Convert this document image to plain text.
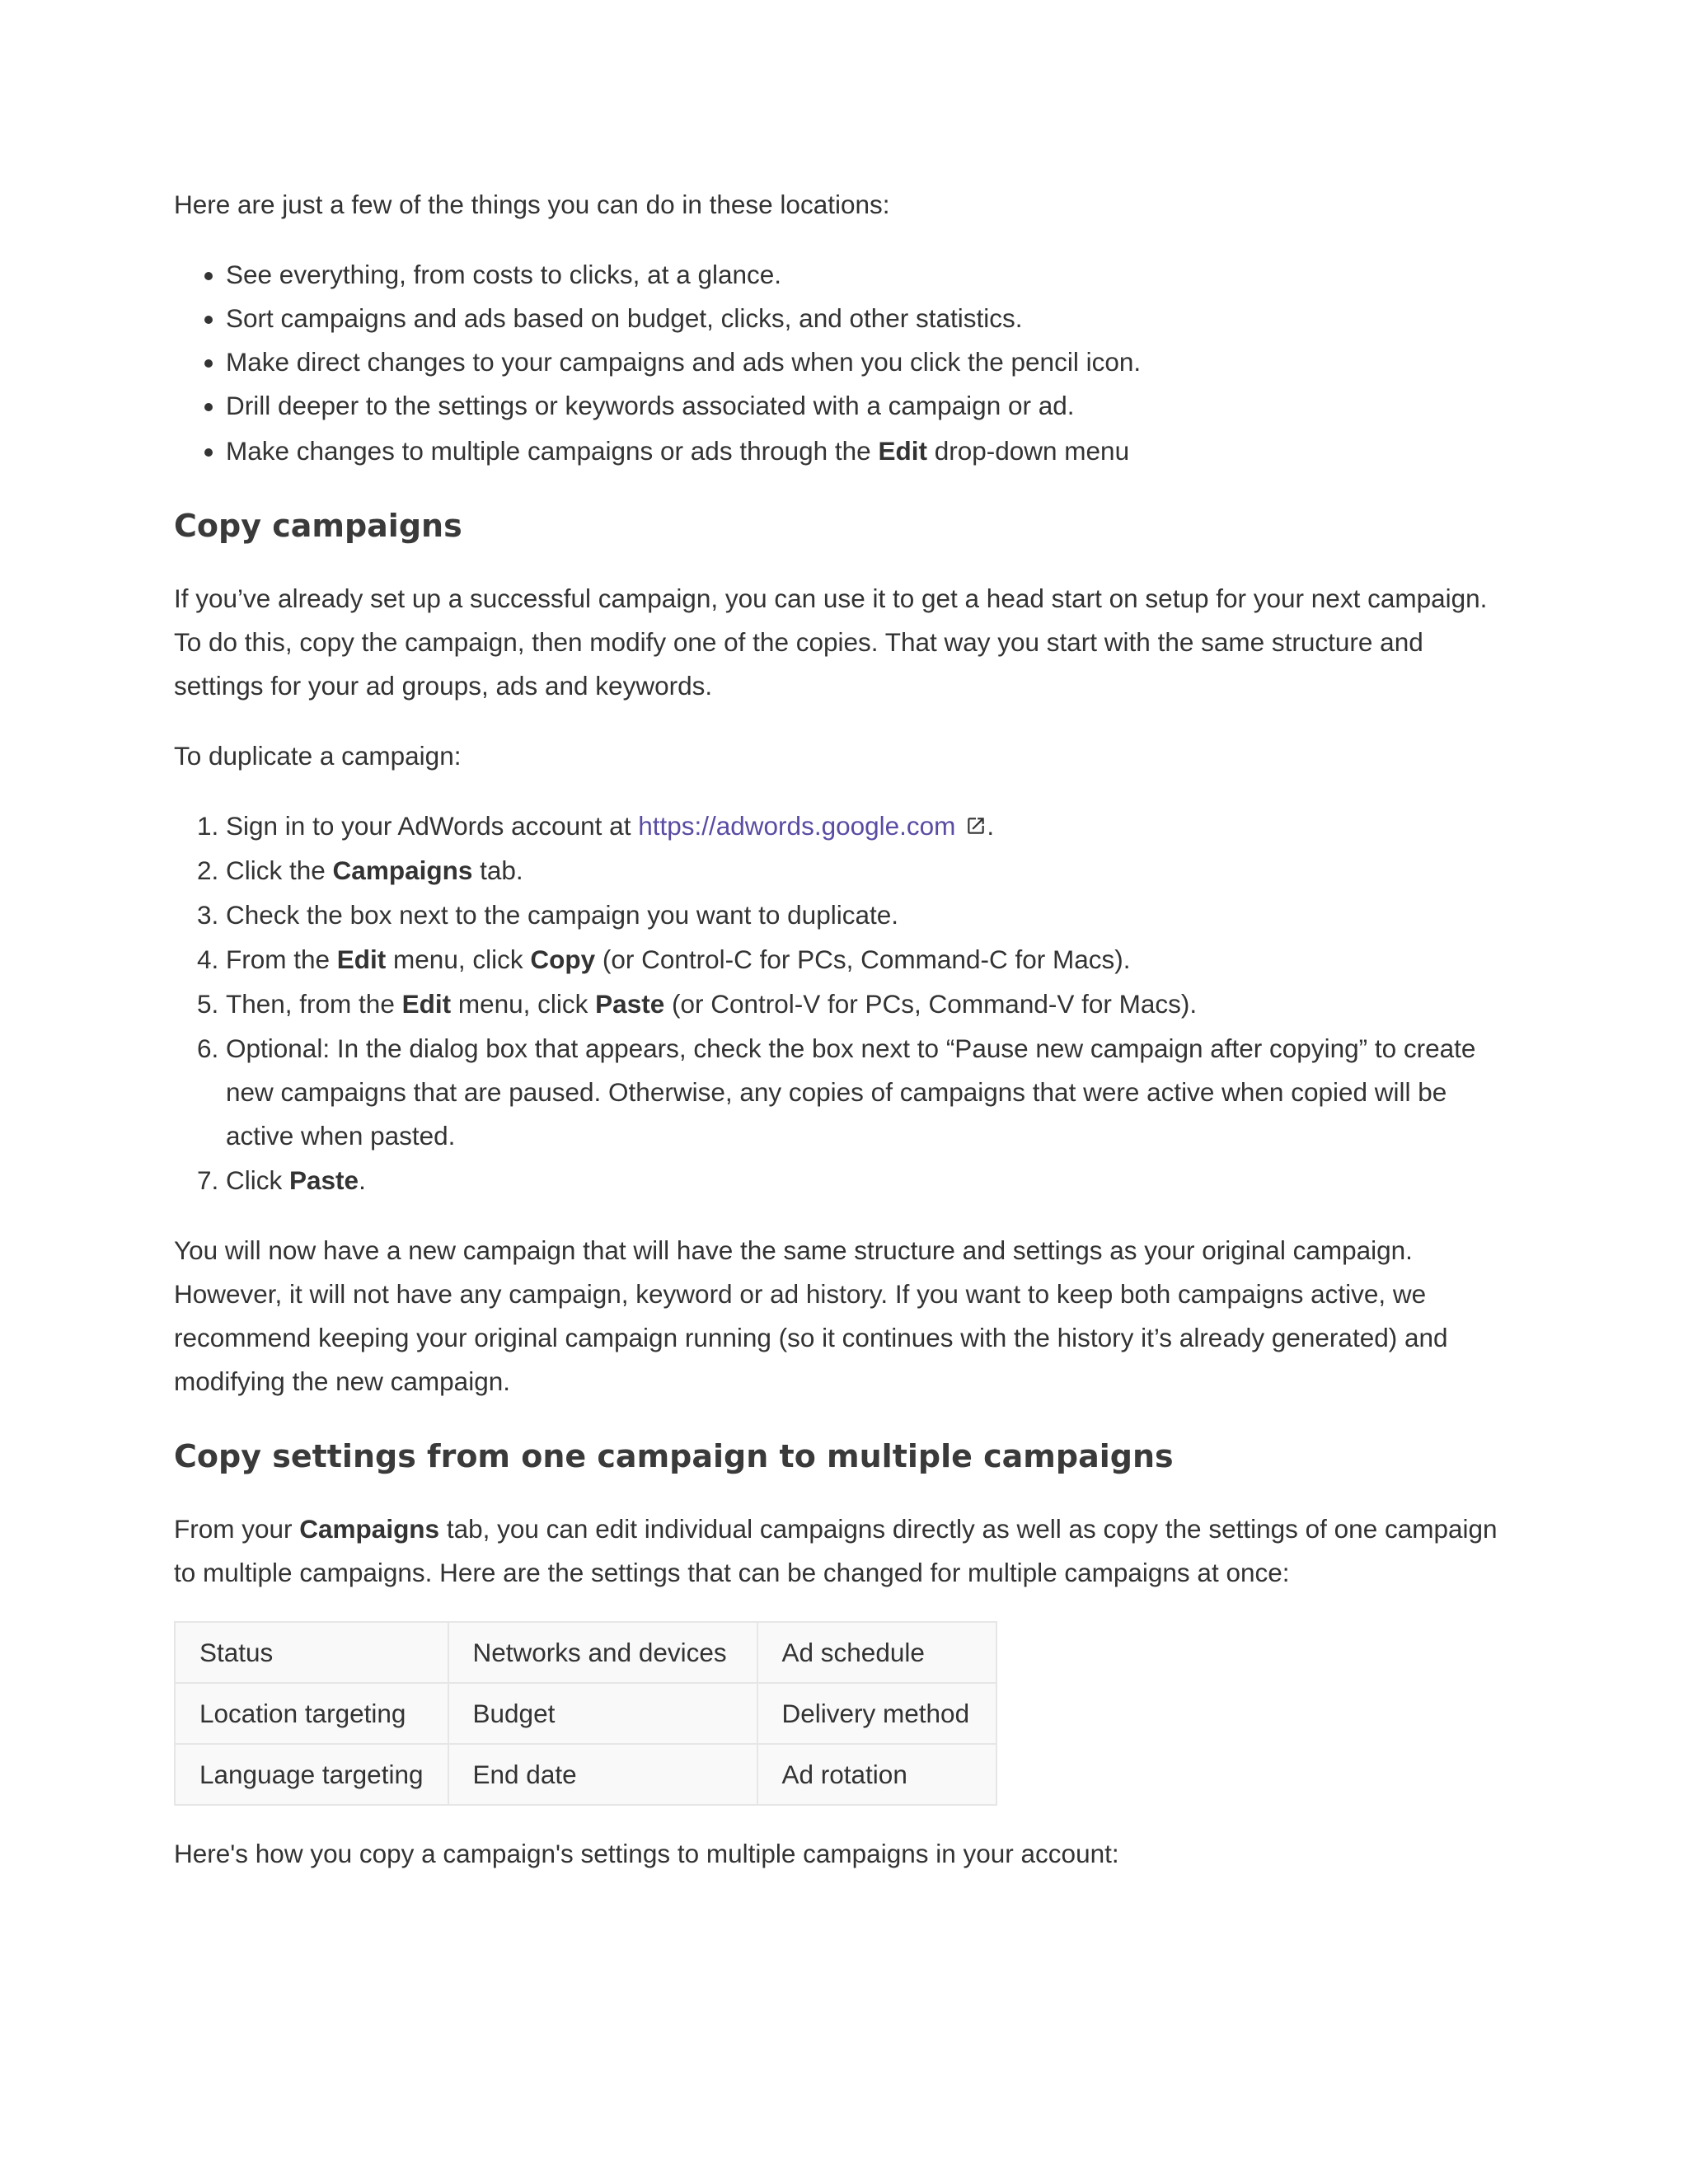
Here are just a few of the things you can do in these locations:

• See everything, from costs to clicks, at a glance.
• Sort campaigns and ads based on budget, clicks, and other statistics.
• Make direct changes to your campaigns and ads when you click the pencil icon.
• Drill deeper to the settings or keywords associated with a campaign or ad.
• Make changes to multiple campaigns or ads through the Edit drop-down menu
Copy campaigns

If you’ve already set up a successful campaign, you can use it to get a head start on setup for your next campaign. To do this, copy the campaign, then modify one of the copies. That way you start with the same structure and settings for your ad groups, ads and keywords.

To duplicate a campaign:

1. Sign in to your AdWords account at https://adwords.google.com .
2. Click the Campaigns tab.
3. Check the box next to the campaign you want to duplicate.
4. From the Edit menu, click Copy (or Control-C for PCs, Command-C for Macs).
5. Then, from the Edit menu, click Paste (or Control-V for PCs, Command-V for Macs).
6. Optional: In the dialog box that appears, check the box next to “Pause new campaign after copying” to create new campaigns that are paused. Otherwise, any copies of campaigns that were active when copied will be active when pasted.
7. Click Paste.

You will now have a new campaign that will have the same structure and settings as your original campaign. However, it will not have any campaign, keyword or ad history. If you want to keep both campaigns active, we recommend keeping your original campaign running (so it continues with the history it’s already generated) and modifying the new campaign.

Copy settings from one campaign to multiple campaigns

From your Campaigns tab, you can edit individual campaigns directly as well as copy the settings of one campaign to multiple campaigns. Here are the settings that can be changed for multiple campaigns at once:

Status	Networks and devices	Ad schedule
Location targeting	Budget	Delivery method
Language targeting	End date	Ad rotation

Here's how you copy a campaign's settings to multiple campaigns in your account:
